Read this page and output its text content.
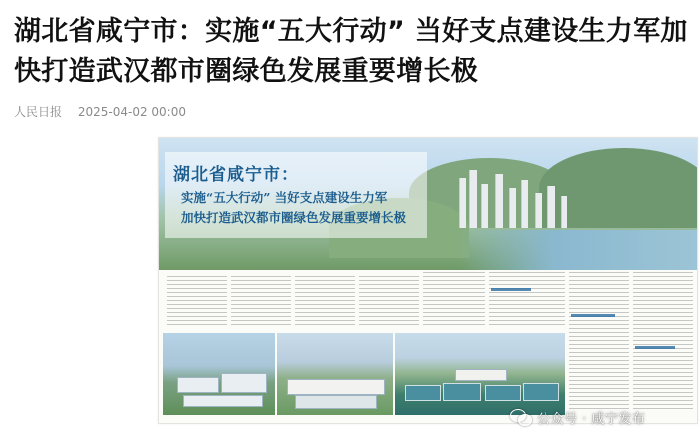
湖北省咸宁市：实施“五大行动” 当好支点建设生力军加快打造武汉都市圈绿色发展重要增长极
人民日报 2025-04-02 00:00
湖北省咸宁市：
实施“五大行动” 当好支点建设生力军
加快打造武汉都市圈绿色发展重要增长极
公众号 · 咸宁发布
